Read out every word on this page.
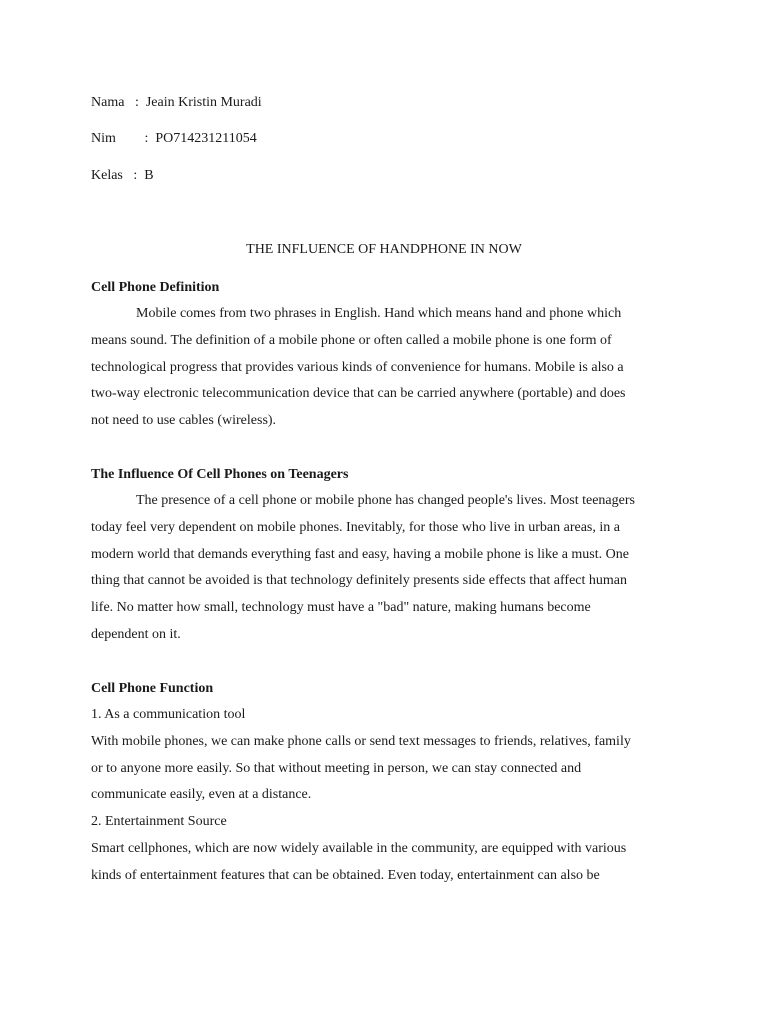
Nama : Jeain Kristin Muradi
Nim : PO714231211054
Kelas : B
THE INFLUENCE OF HANDPHONE IN NOW
Cell Phone Definition
Mobile comes from two phrases in English. Hand which means hand and phone which
means sound. The definition of a mobile phone or often called a mobile phone is one form of
technological progress that provides various kinds of convenience for humans. Mobile is also a
two-way electronic telecommunication device that can be carried anywhere (portable) and does
not need to use cables (wireless).
The Influence Of Cell Phones on Teenagers
The presence of a cell phone or mobile phone has changed people's lives. Most teenagers
today feel very dependent on mobile phones. Inevitably, for those who live in urban areas, in a
modern world that demands everything fast and easy, having a mobile phone is like a must. One
thing that cannot be avoided is that technology definitely presents side effects that affect human
life. No matter how small, technology must have a "bad" nature, making humans become
dependent on it.
Cell Phone Function
1. As a communication tool
With mobile phones, we can make phone calls or send text messages to friends, relatives, family
or to anyone more easily. So that without meeting in person, we can stay connected and
communicate easily, even at a distance.
2. Entertainment Source
Smart cellphones, which are now widely available in the community, are equipped with various
kinds of entertainment features that can be obtained. Even today, entertainment can also be
